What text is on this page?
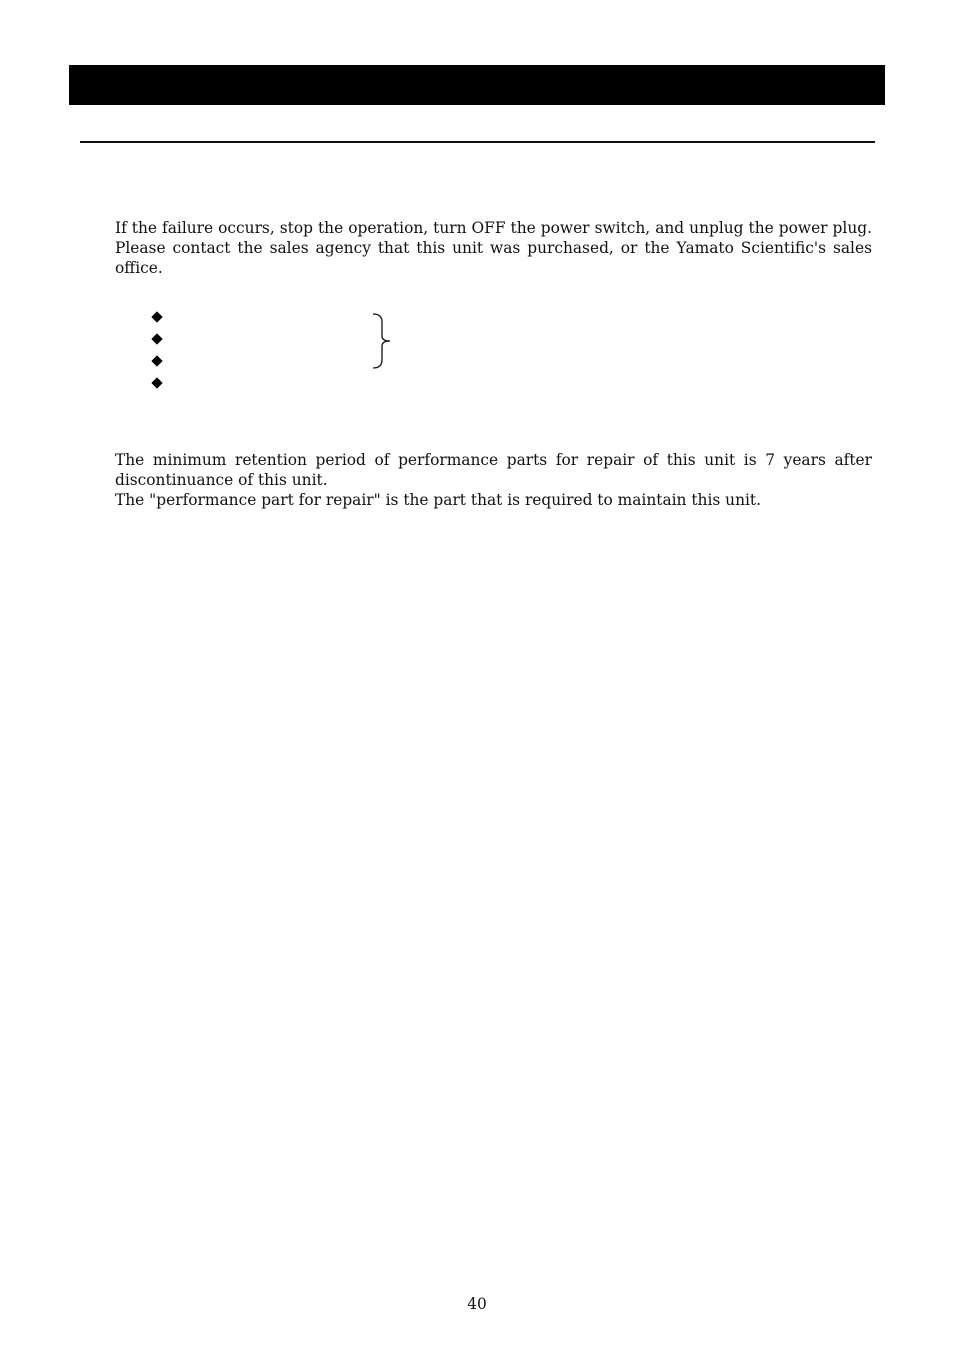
If the failure occurs, stop the operation, turn OFF the power switch, and unplug the power plug. Please contact the sales agency that this unit was purchased, or the Yamato Scientific's sales office.

The minimum retention period of performance parts for repair of this unit is 7 years after discontinuance of this unit.

The "performance part for repair" is the part that is required to maintain this unit.

40
